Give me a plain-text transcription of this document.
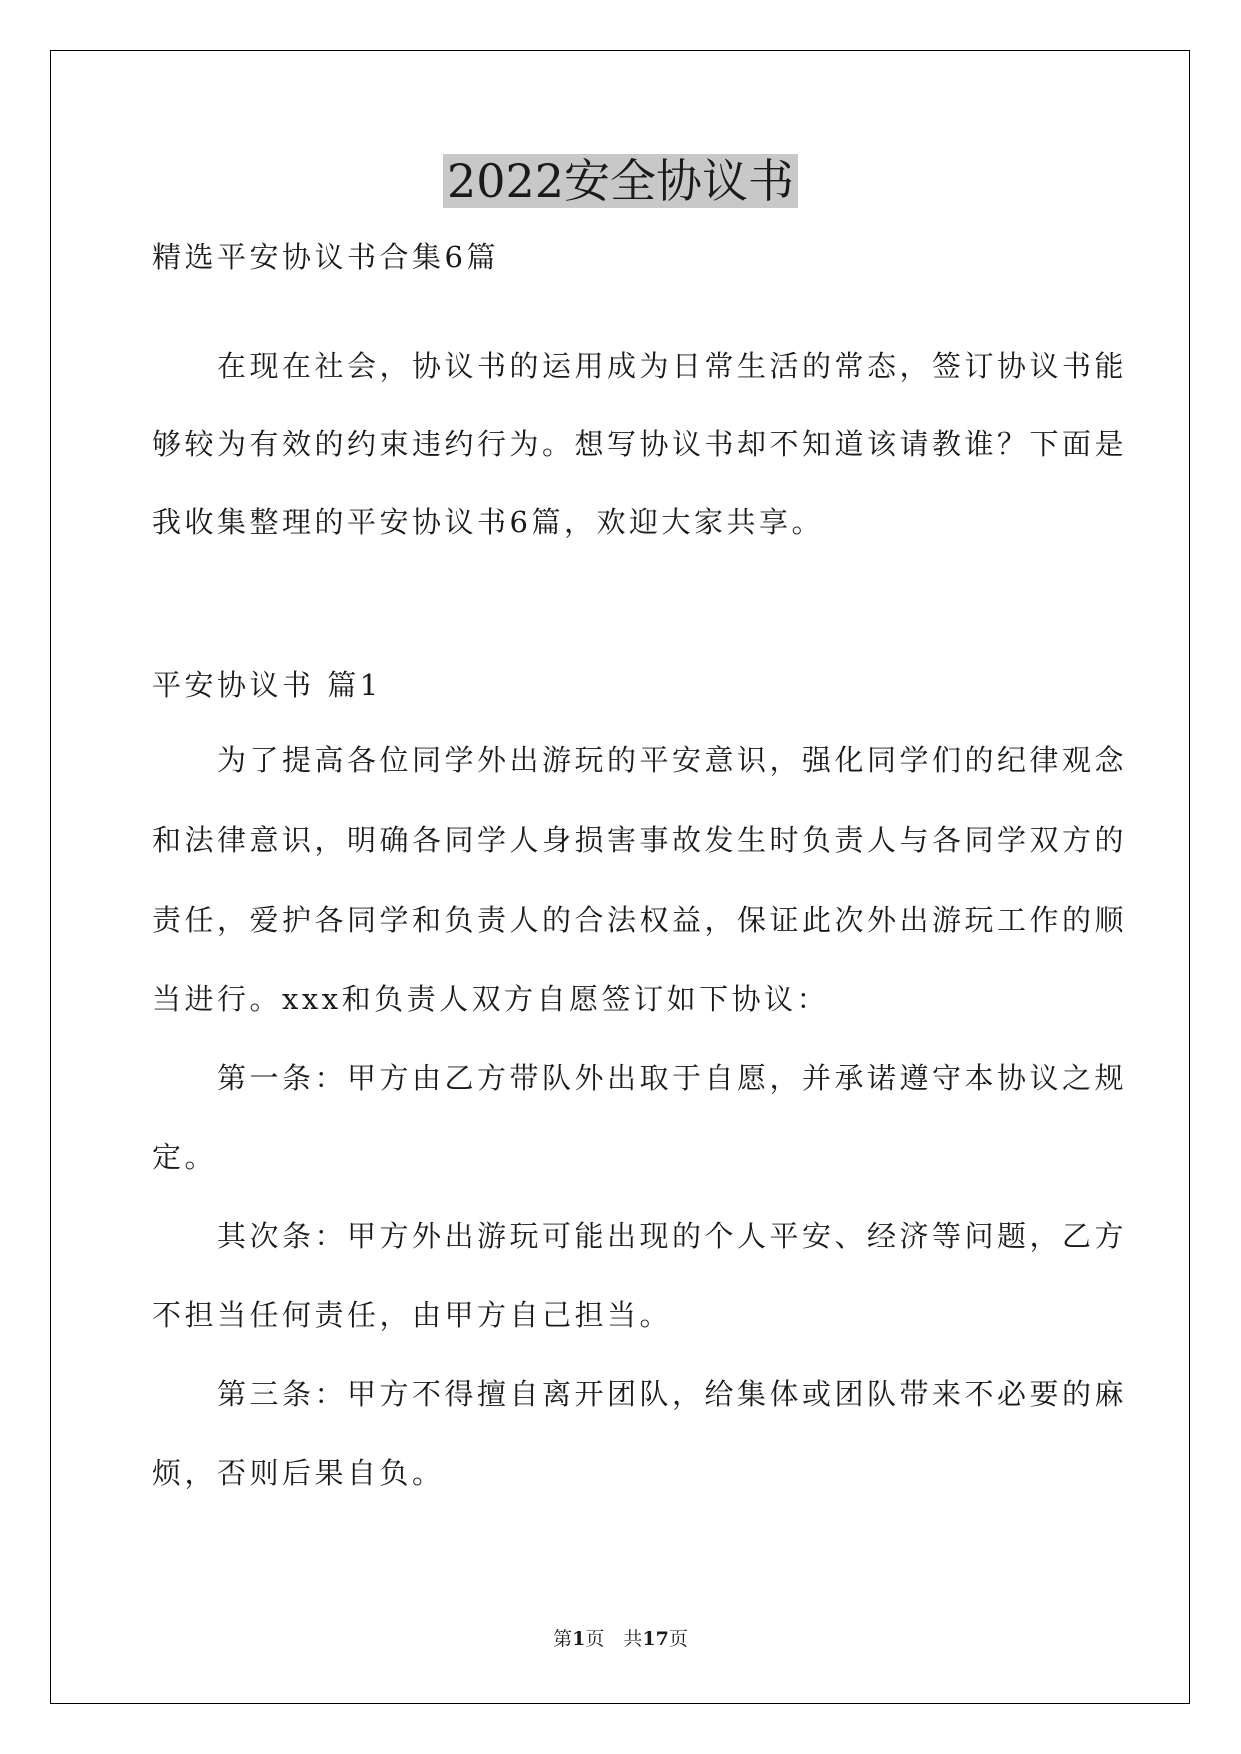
2022安全协议书
精选平安协议书合集6篇
　　在现在社会，协议书的运用成为日常生活的常态，签订协议书能
够较为有效的约束违约行为。想写协议书却不知道该请教谁？下面是
我收集整理的平安协议书6篇，欢迎大家共享。
平安协议书 篇1
　　为了提高各位同学外出游玩的平安意识，强化同学们的纪律观念
和法律意识，明确各同学人身损害事故发生时负责人与各同学双方的
责任，爱护各同学和负责人的合法权益，保证此次外出游玩工作的顺
当进行。xxx和负责人双方自愿签订如下协议：
　　第一条：甲方由乙方带队外出取于自愿，并承诺遵守本协议之规
定。
　　其次条：甲方外出游玩可能出现的个人平安、经济等问题，乙方
不担当任何责任，由甲方自己担当。
　　第三条：甲方不得擅自离开团队，给集体或团队带来不必要的麻
烦，否则后果自负。
第1页　共17页
